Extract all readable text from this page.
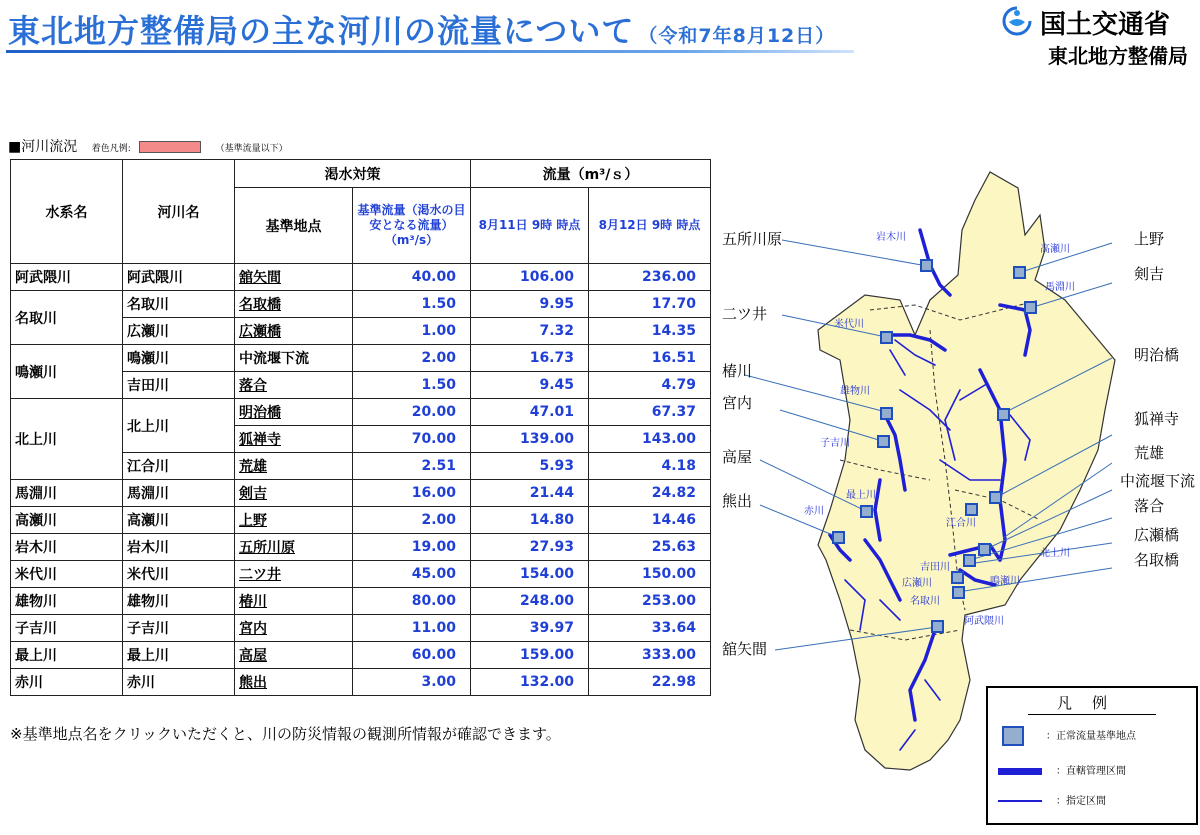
東北地方整備局の主な河川の流量について （令和7年8月12日）	国土交通省
東北地方整備局
■河川流況 着色凡例:	（基準流量以下）
水系名	河川名	渇水対策		流量（m³/ｓ）	
		基準地点	基準流量（渇水の目安となる流量）（m³/s）	8月11日 9時 時点	8月12日 9時 時点
阿武隈川	阿武隈川	舘矢間	40.00	106.00	236.00
名取川	名取川	名取橋	1.50	9.95	17.70
	広瀬川	広瀬橋	1.00	7.32	14.35
鳴瀬川	鳴瀬川	中流堰下流	2.00	16.73	16.51
	吉田川	落合	1.50	9.45	4.79
北上川	北上川	明治橋	20.00	47.01	67.37
		狐禅寺	70.00	139.00	143.00
	江合川	荒雄	2.51	5.93	4.18
馬淵川	馬淵川	剣吉	16.00	21.44	24.82
高瀬川	高瀬川	上野	2.00	14.80	14.46
岩木川	岩木川	五所川原	19.00	27.93	25.63
米代川	米代川	二ツ井	45.00	154.00	150.00
雄物川	雄物川	椿川	80.00	248.00	253.00
子吉川	子吉川	宮内	11.00	39.97	33.64
最上川	最上川	高屋	60.00	159.00	333.00
赤川	赤川	熊出	3.00	132.00	22.98
※基準地点名をクリックいただくと、川の防災情報の観測所情報が確認できます。
五所川原
二ツ井
椿川
宮内
高屋
熊出
舘矢間
上野
剣吉
明治橋
狐禅寺
荒雄
中流堰下流
落合
広瀬橋
名取橋
岩木川
高瀬川
馬淵川
米代川
雄物川
子吉川
最上川
赤川
江合川
北上川
吉田川
鳴瀬川
広瀬川
名取川
阿武隈川
凡例
：正常流量基準地点
：直轄管理区間
：指定区間
